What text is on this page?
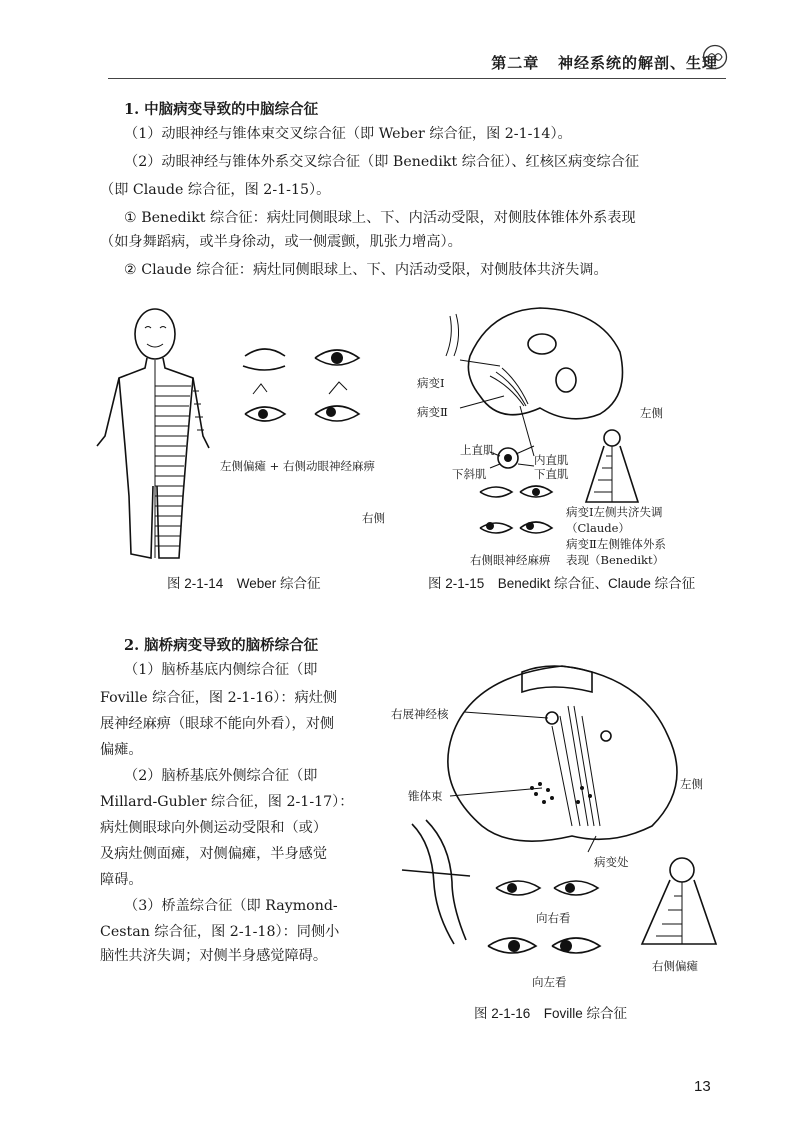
第二章 神经系统的解剖、生理
1. 中脑病变导致的中脑综合征
（1）动眼神经与锥体束交叉综合征（即 Weber 综合征，图 2-1-14）。
（2）动眼神经与锥体外系交叉综合征（即 Benedikt 综合征）、红核区病变综合征
（即 Claude 综合征，图 2-1-15）。
① Benedikt 综合征：病灶同侧眼球上、下、内活动受限，对侧肢体锥体外系表现
（如身舞蹈病，或半身徐动，或一侧震颤，肌张力增高）。
② Claude 综合征：病灶同侧眼球上、下、内活动受限，对侧肢体共济失调。
左侧偏瘫 + 右侧动眼神经麻痹
右侧
图 2-1-14　Weber 综合征
病变Ⅰ
病变Ⅱ	左侧
上直肌
内直肌
下斜肌	下直肌
病变Ⅰ左侧共济失调
（Claude）
病变Ⅱ左侧锥体外系
表现（Benedikt）
右侧眼神经麻痹
图 2-1-15　Benedikt 综合征、Claude 综合征
2. 脑桥病变导致的脑桥综合征
（1）脑桥基底内侧综合征（即
Foville 综合征，图 2-1-16）：病灶侧
展神经麻痹（眼球不能向外看），对侧
偏瘫。
（2）脑桥基底外侧综合征（即
Millard-Gubler 综合征，图 2-1-17）：
病灶侧眼球向外侧运动受限和（或）
及病灶侧面瘫，对侧偏瘫，半身感觉
障碍。
（3）桥盖综合征（即 Raymond-
Cestan 综合征，图 2-1-18）：同侧小
脑性共济失调；对侧半身感觉障碍。
右展神经核
锥体束
左侧
病变处
向右看
向左看
右侧偏瘫
图 2-1-16　Foville 综合征
13
